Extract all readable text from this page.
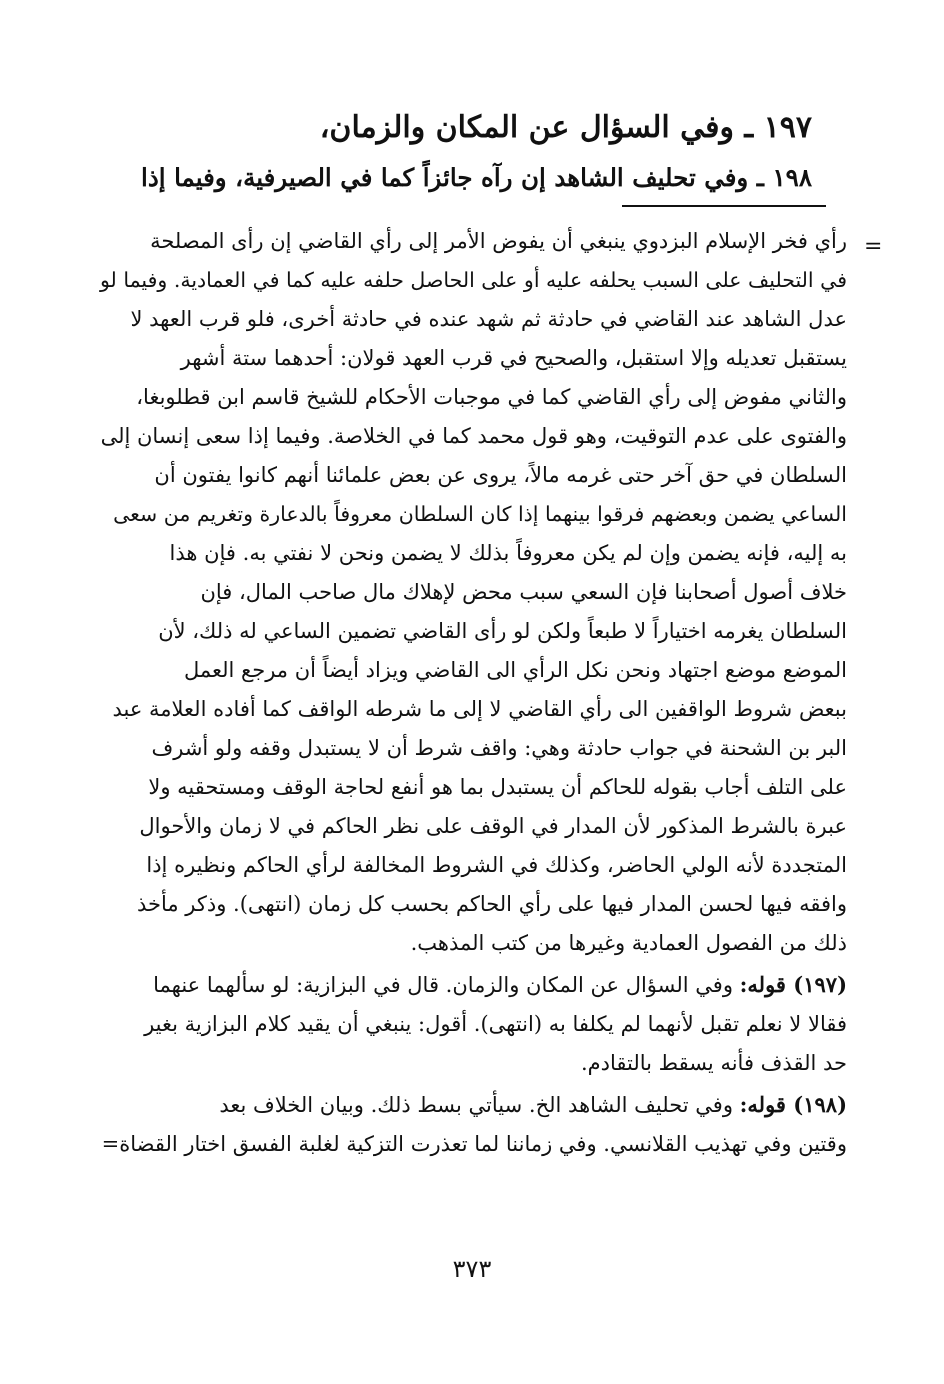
١٩٧ ـ وفي السؤال عن المكان والزمان،
١٩٨ ـ وفي تحليف الشاهد إن رآه جائزاً كما في الصيرفية، وفيما إذا
=
رأي فخر الإسلام البزدوي ينبغي أن يفوض الأمر إلى رأي القاضي إن رأى المصلحة
في التحليف على السبب يحلفه عليه أو على الحاصل حلفه عليه كما في العمادية. وفيما لو
عدل الشاهد عند القاضي في حادثة ثم شهد عنده في حادثة أخرى، فلو قرب العهد لا
يستقبل تعديله وإلا استقبل، والصحيح في قرب العهد قولان: أحدهما ستة أشهر
والثاني مفوض إلى رأي القاضي كما في موجبات الأحكام للشيخ قاسم ابن قطلوبغا،
والفتوى على عدم التوقيت، وهو قول محمد كما في الخلاصة. وفيما إذا سعى إنسان إلى
السلطان في حق آخر حتى غرمه مالاً، يروى عن بعض علمائنا أنهم كانوا يفتون أن
الساعي يضمن وبعضهم فرقوا بينهما إذا كان السلطان معروفاً بالدعارة وتغريم من سعى
به إليه، فإنه يضمن وإن لم يكن معروفاً بذلك لا يضمن ونحن لا نفتي به. فإن هذا
خلاف أصول أصحابنا فإن السعي سبب محض لإهلاك مال صاحب المال، فإن
السلطان يغرمه اختياراً لا طبعاً ولكن لو رأى القاضي تضمين الساعي له ذلك، لأن
الموضع موضع اجتهاد ونحن نكل الرأي الى القاضي ويزاد أيضاً أن مرجع العمل
ببعض شروط الواقفين الى رأي القاضي لا إلى ما شرطه الواقف كما أفاده العلامة عبد
البر بن الشحنة في جواب حادثة وهي: واقف شرط أن لا يستبدل وقفه ولو أشرف
على التلف أجاب بقوله للحاكم أن يستبدل بما هو أنفع لحاجة الوقف ومستحقيه ولا
عبرة بالشرط المذكور لأن المدار في الوقف على نظر الحاكم في لا زمان والأحوال
المتجددة لأنه الولي الحاضر، وكذلك في الشروط المخالفة لرأي الحاكم ونظيره إذا
وافقه فيها لحسن المدار فيها على رأي الحاكم بحسب كل زمان (انتهى). وذكر مأخذ
ذلك من الفصول العمادية وغيرها من كتب المذهب.
(١٩٧) قوله: وفي السؤال عن المكان والزمان. قال في البزازية: لو سألهما عنهما
فقالا لا نعلم تقبل لأنهما لم يكلفا به (انتهى). أقول: ينبغي أن يقيد كلام البزازية بغير
حد القذف فأنه يسقط بالتقادم.
(١٩٨) قوله: وفي تحليف الشاهد الخ. سيأتي بسط ذلك. وبيان الخلاف بعد
وقتين وفي تهذيب القلانسي. وفي زماننا لما تعذرت التزكية لغلبة الفسق اختار القضاة=
٣٧٣
